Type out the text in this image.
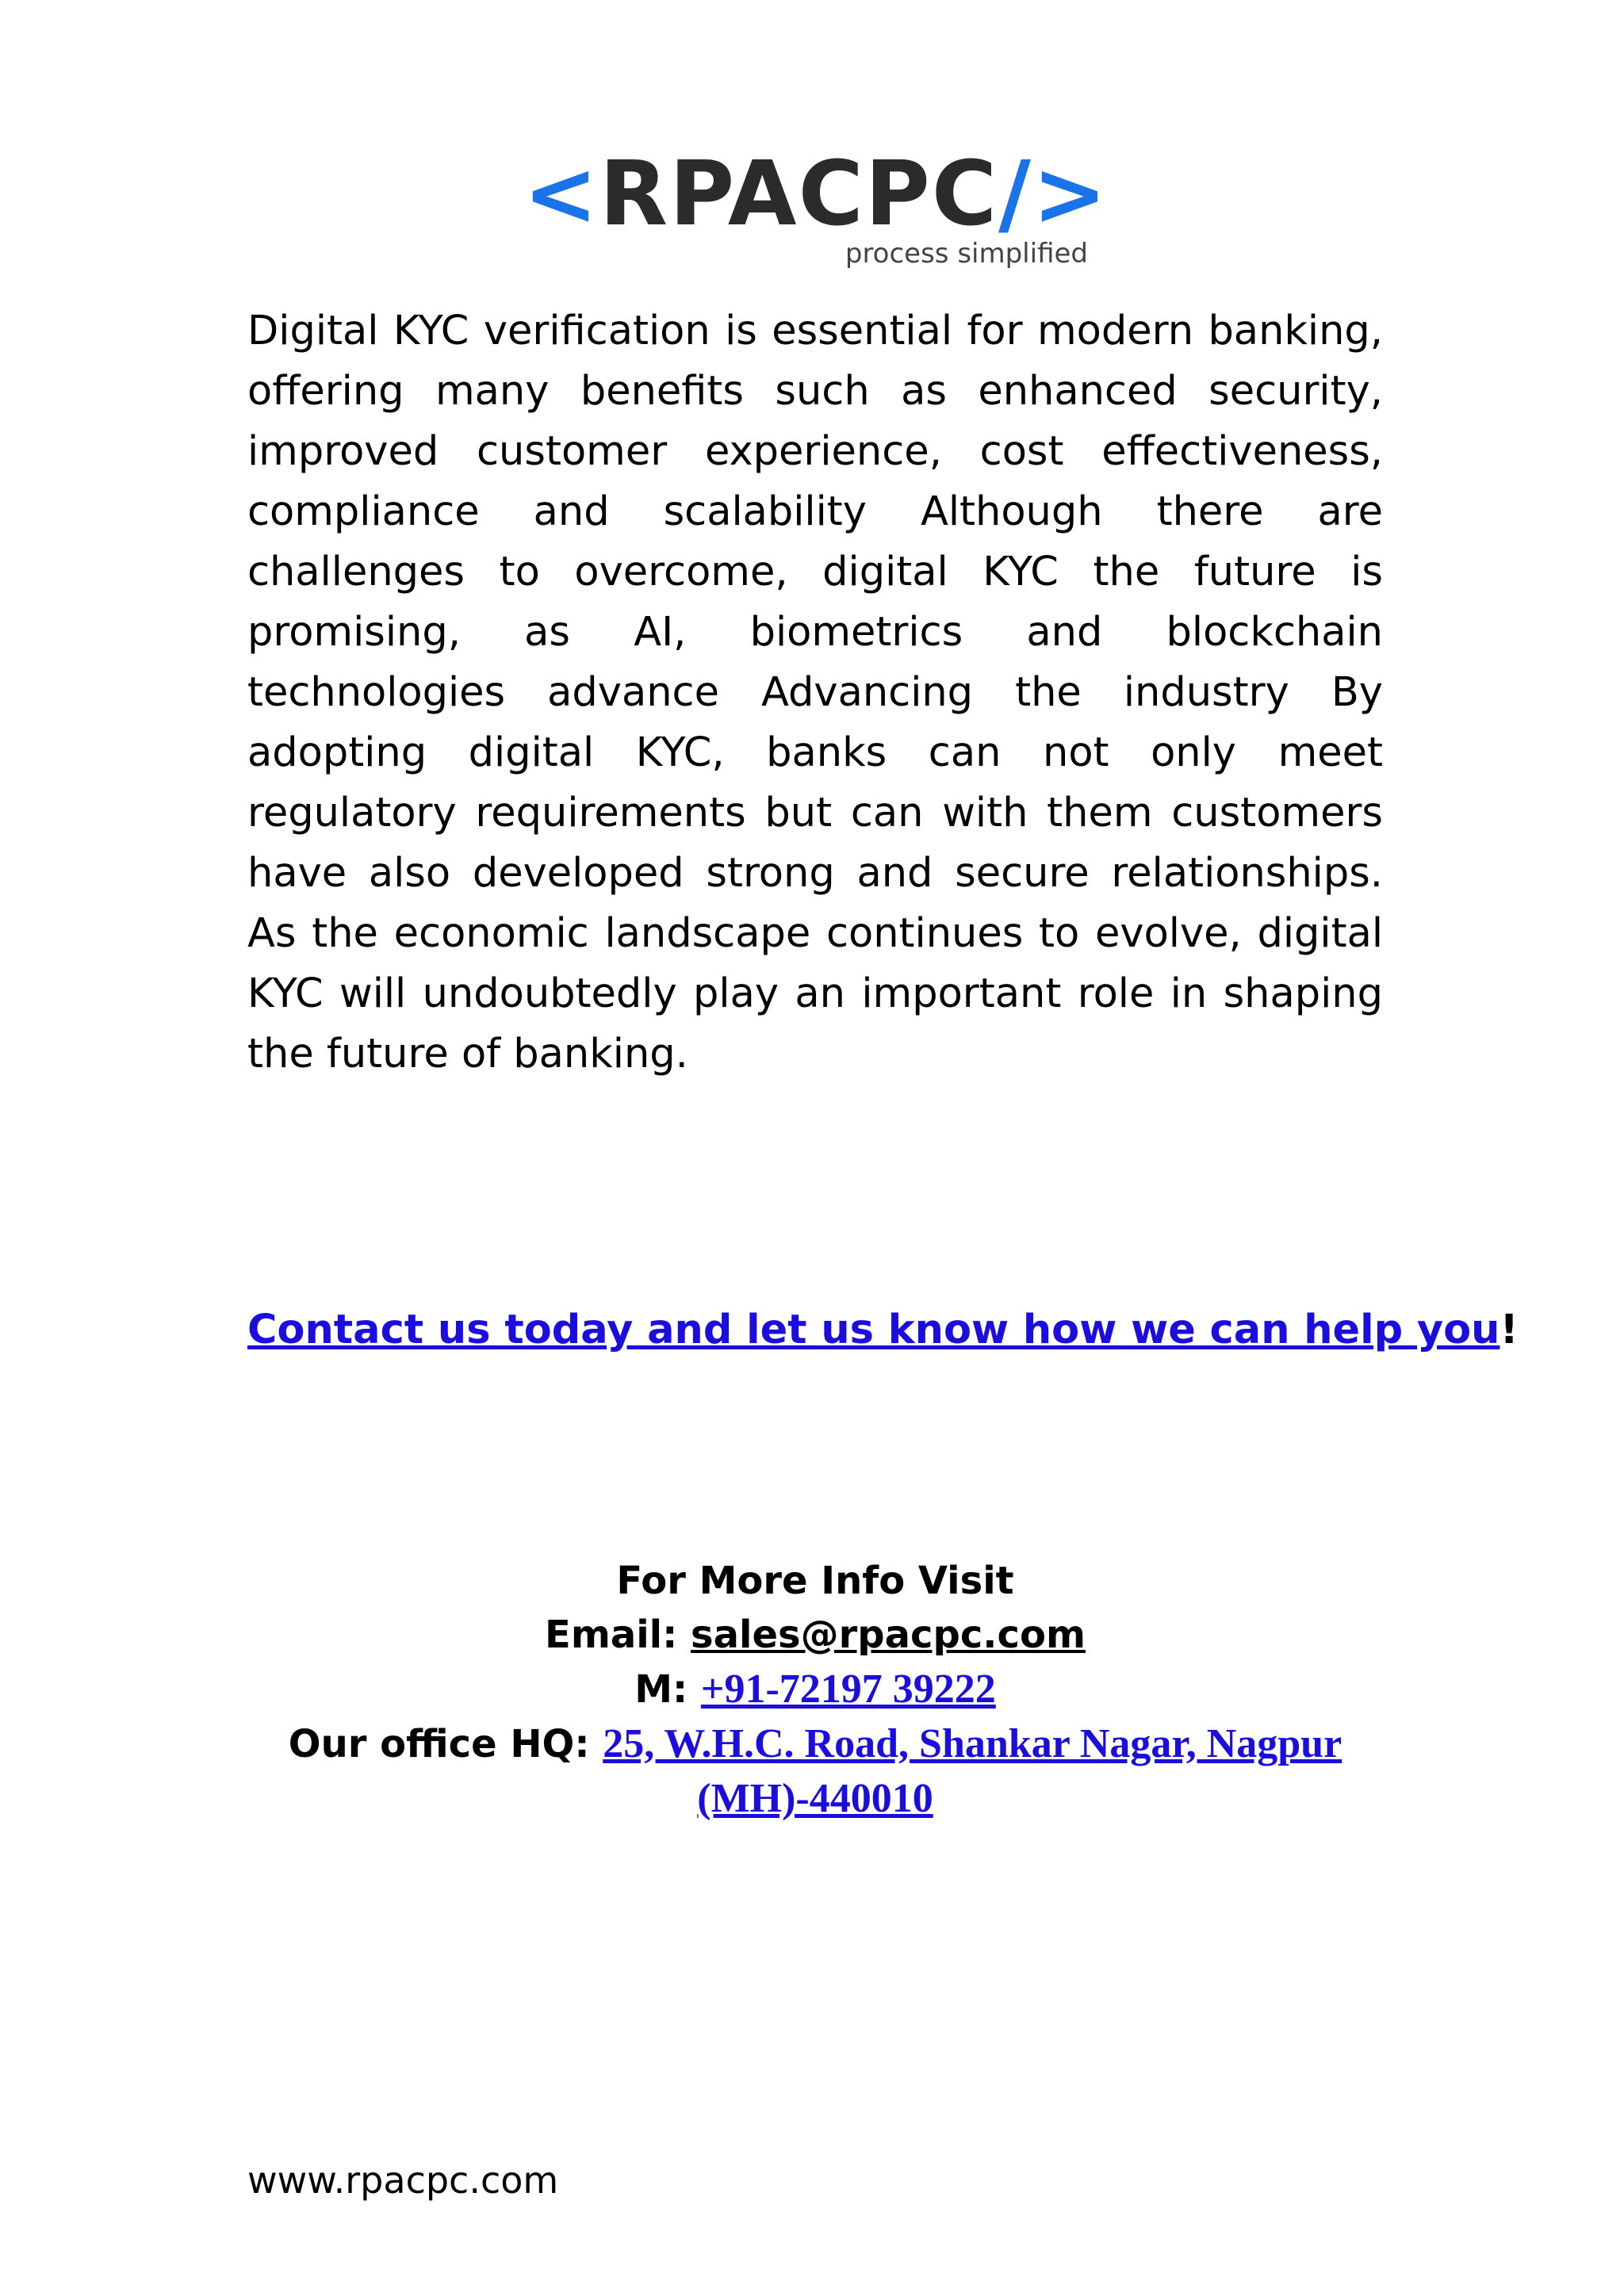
<RPACPC/>
process simplified

Digital KYC verification is essential for modern banking, offering many benefits such as enhanced security, improved customer experience, cost effectiveness, compliance and scalability Although there are challenges to overcome, digital KYC the future is promising, as AI, biometrics and blockchain technologies advance Advancing the industry By adopting digital KYC, banks can not only meet regulatory requirements but can with them customers have also developed strong and secure relationships. As the economic landscape continues to evolve, digital KYC will undoubtedly play an important role in shaping the future of banking.

Contact us today and let us know how we can help you!
For More Info Visit
Email: sales@rpacpc.com
M: +91-72197 39222
Our office HQ: 25, W.H.C. Road, Shankar Nagar, Nagpur
(MH)-440010
www.rpacpc.com
